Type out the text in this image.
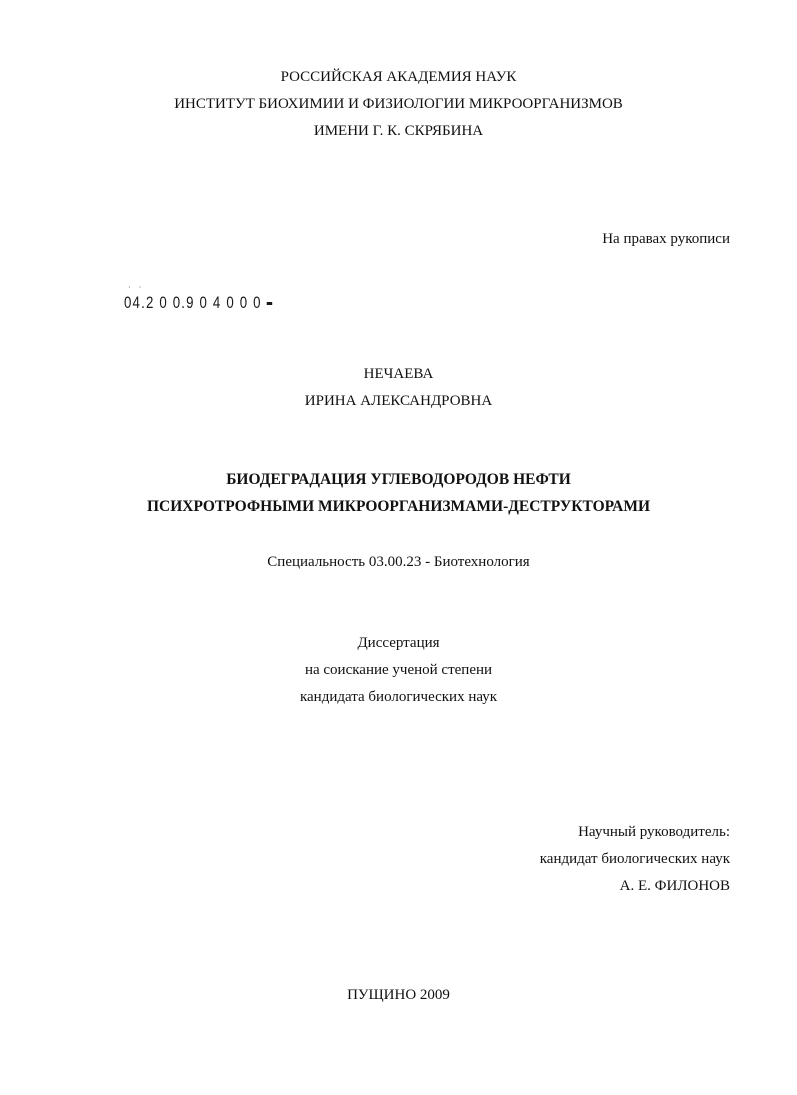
РОССИЙСКАЯ АКАДЕМИЯ НАУК
ИНСТИТУТ БИОХИМИИ И ФИЗИОЛОГИИ МИКРООРГАНИЗМОВ
ИМЕНИ Г. К. СКРЯБИНА
На правах рукописи
04.2 0 0.9 0 4 0 0 0
· ·
НЕЧАЕВА
ИРИНА АЛЕКСАНДРОВНА
БИОДЕГРАДАЦИЯ УГЛЕВОДОРОДОВ НЕФТИ
ПСИХРОТРОФНЫМИ МИКРООРГАНИЗМАМИ-ДЕСТРУКТОРАМИ
Специальность 03.00.23 - Биотехнология
Диссертация
на соискание ученой степени
кандидата биологических наук
Научный руководитель:
кандидат биологических наук
А. Е. ФИЛОНОВ
ПУЩИНО 2009
